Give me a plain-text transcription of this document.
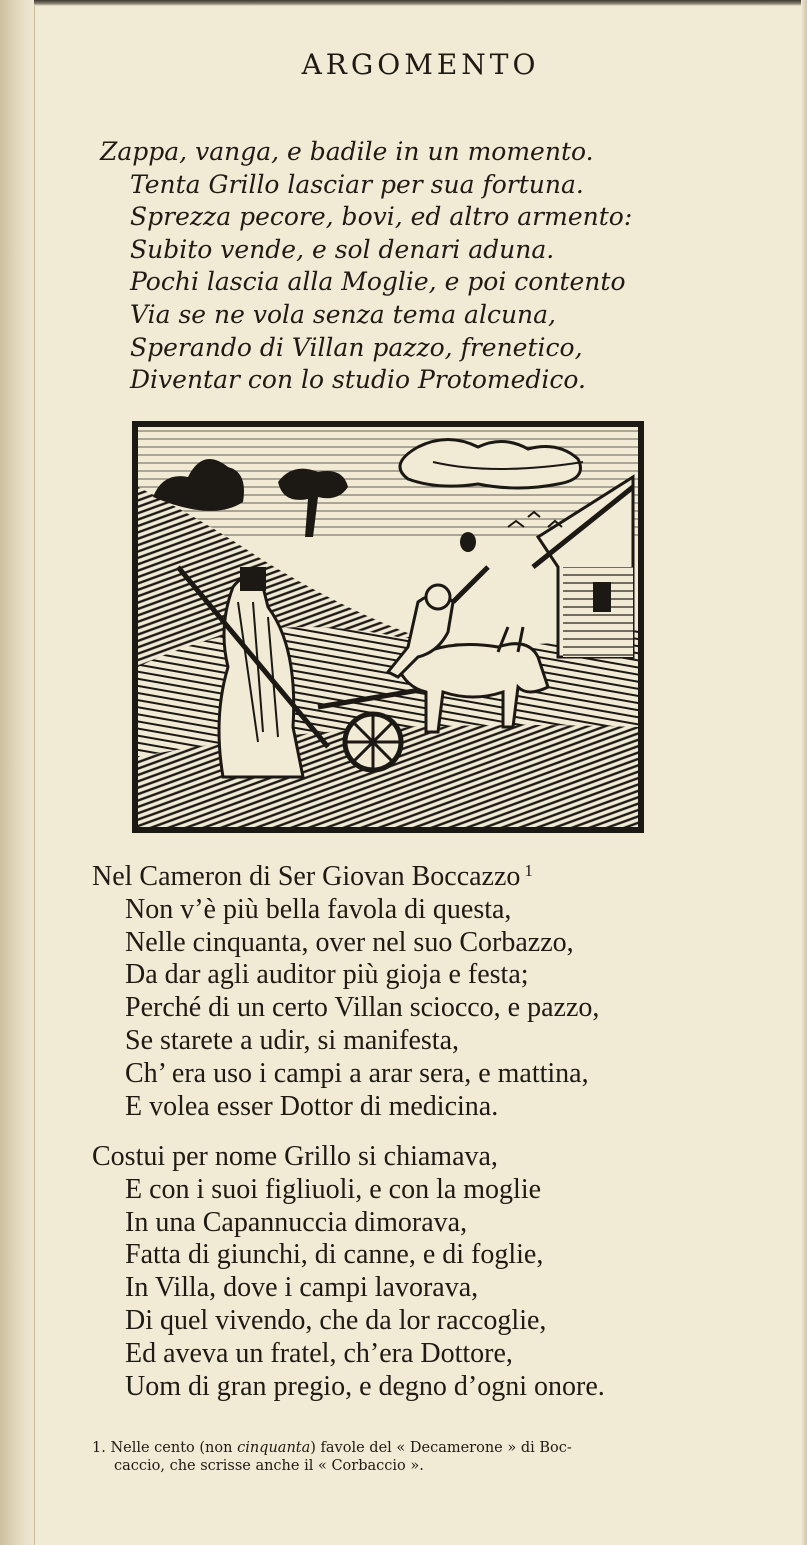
ARGOMENTO
Zappa, vanga, e badile in un momento.
Tenta Grillo lasciar per sua fortuna.
Sprezza pecore, bovi, ed altro armento:
Subito vende, e sol denari aduna.
Pochi lascia alla Moglie, e poi contento
Via se ne vola senza tema alcuna,
Sperando di Villan pazzo, frenetico,
Diventar con lo studio Protomedico.
Nel Cameron di Ser Giovan Boccazzo $^1$
Non v’è più bella favola di questa,
Nelle cinquanta, over nel suo Corbazzo,
Da dar agli auditor più gioja e festa;
Perché di un certo Villan sciocco, e pazzo,
Se starete a udir, si manifesta,
Ch’ era uso i campi a arar sera, e mattina,
E volea esser Dottor di medicina.
Costui per nome Grillo si chiamava,
E con i suoi figliuoli, e con la moglie
In una Capannuccia dimorava,
Fatta di giunchi, di canne, e di foglie,
In Villa, dove i campi lavorava,
Di quel vivendo, che da lor raccoglie,
Ed aveva un fratel, ch’era Dottore,
Uom di gran pregio, e degno d’ogni onore.
1. Nelle cento (non cinquanta) favole del « Decamerone » di Boc-
caccio, che scrisse anche il « Corbaccio ».
